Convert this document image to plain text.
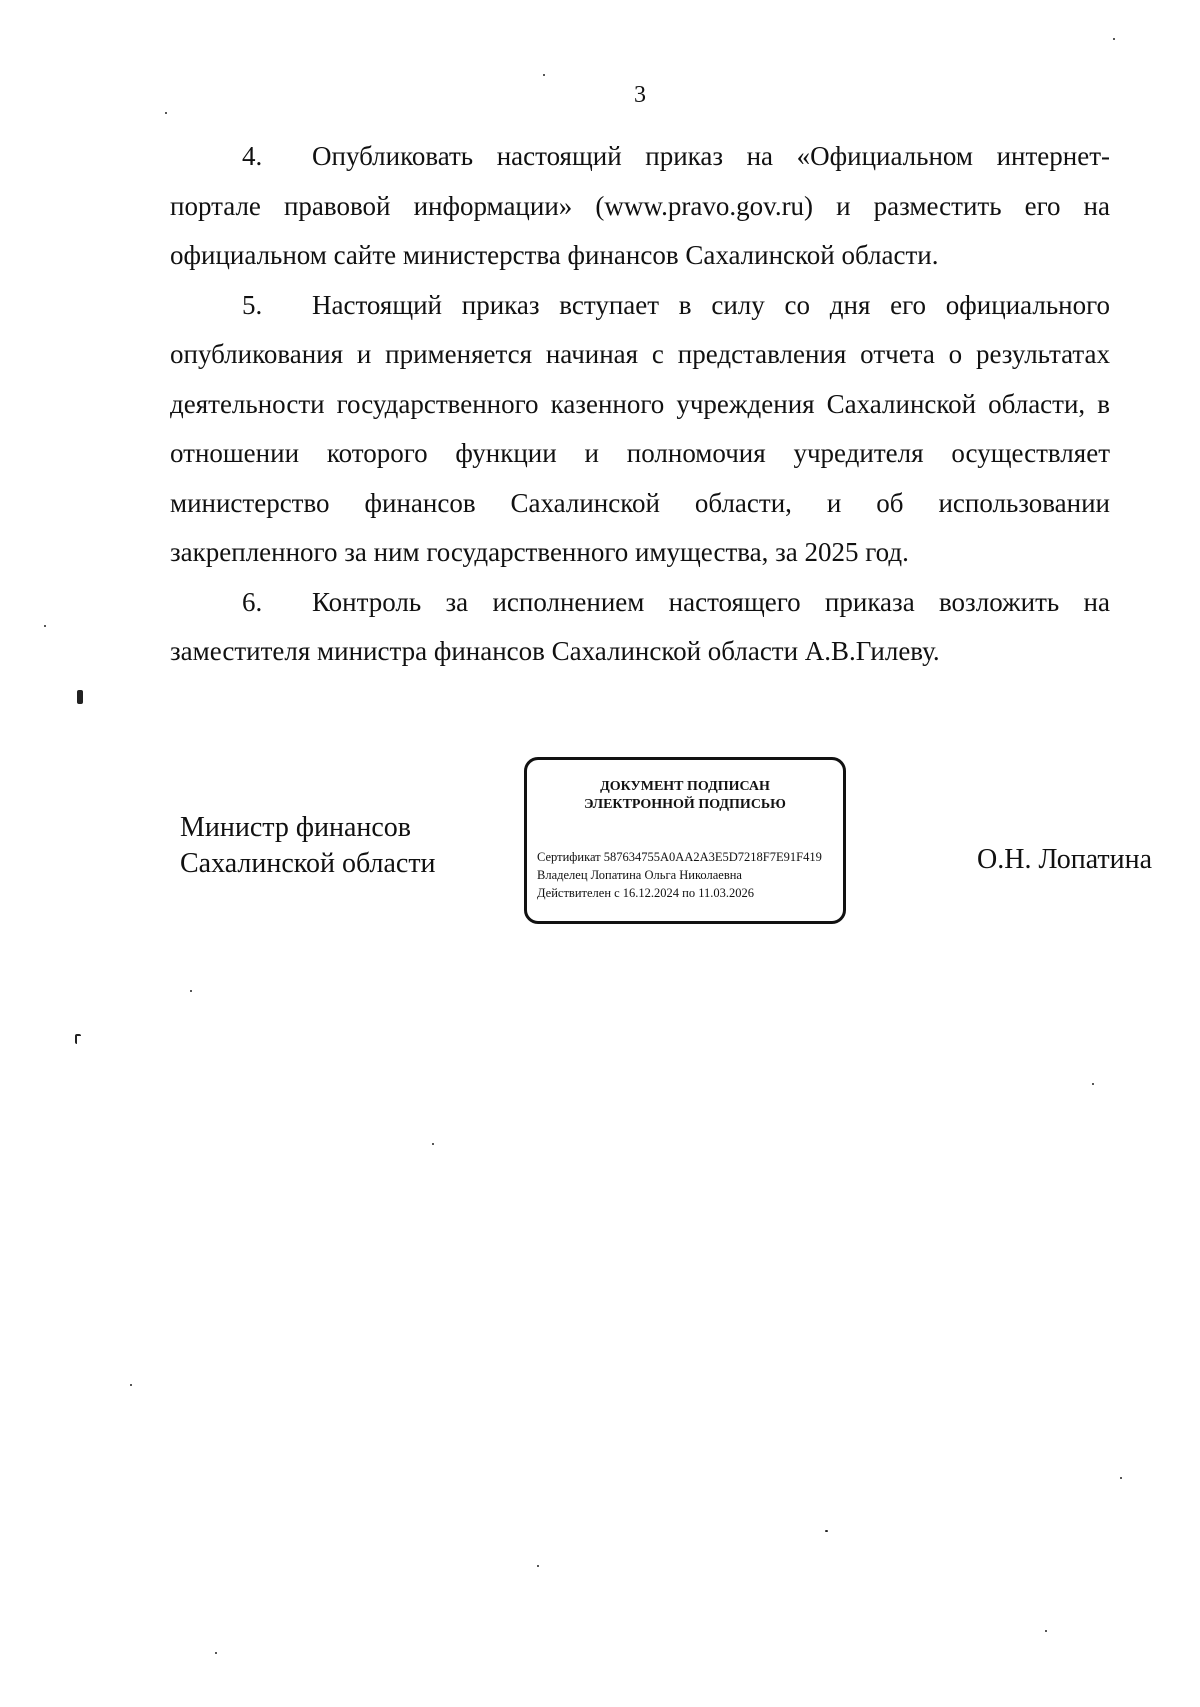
3

4. Опубликовать настоящий приказ на «Официальном интернет-портале правовой информации» (www.pravo.gov.ru) и разместить его на официальном сайте министерства финансов Сахалинской области.

5. Настоящий приказ вступает в силу со дня его официального опубликования и применяется начиная с представления отчета о результатах деятельности государственного казенного учреждения Сахалинской области, в отношении которого функции и полномочия учредителя осуществляет министерство финансов Сахалинской области, и об использовании закрепленного за ним государственного имущества, за 2025 год.

6. Контроль за исполнением настоящего приказа возложить на заместителя министра финансов Сахалинской области А.В.Гилеву.

Министр финансов
Сахалинской области
ДОКУМЕНТ ПОДПИСАН
ЭЛЕКТРОННОЙ ПОДПИСЬЮ
Сертификат 587634755A0AA2A3E5D7218F7E91F419
Владелец Лопатина Ольга Николаевна
Действителен с 16.12.2024 по 11.03.2026
О.Н. Лопатина
